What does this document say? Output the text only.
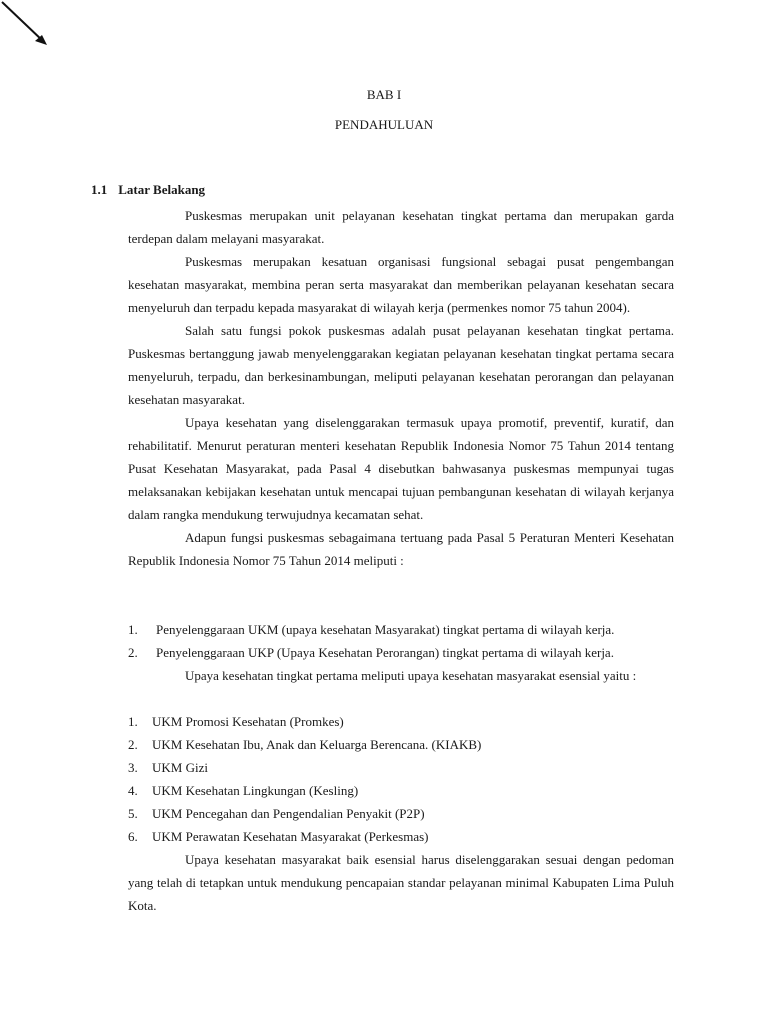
BAB I
PENDAHULUAN
1.1 Latar Belakang

Puskesmas merupakan unit pelayanan kesehatan tingkat pertama dan merupakan garda terdepan dalam melayani masyarakat.

Puskesmas merupakan kesatuan organisasi fungsional sebagai pusat pengembangan kesehatan masyarakat, membina peran serta masyarakat dan memberikan pelayanan kesehatan secara menyeluruh dan terpadu kepada masyarakat di wilayah kerja (permenkes nomor 75 tahun 2004).

Salah satu fungsi pokok puskesmas adalah pusat pelayanan kesehatan tingkat pertama. Puskesmas bertanggung jawab menyelenggarakan kegiatan pelayanan kesehatan tingkat pertama secara menyeluruh, terpadu, dan berkesinambungan, meliputi pelayanan kesehatan perorangan dan pelayanan kesehatan masyarakat.

Upaya kesehatan yang diselenggarakan termasuk upaya promotif, preventif, kuratif, dan rehabilitatif. Menurut peraturan menteri kesehatan Republik Indonesia Nomor 75 Tahun 2014 tentang Pusat Kesehatan Masyarakat, pada Pasal 4 disebutkan bahwasanya puskesmas mempunyai tugas melaksanakan kebijakan kesehatan untuk mencapai tujuan pembangunan kesehatan di wilayah kerjanya dalam rangka mendukung terwujudnya kecamatan sehat.

Adapun fungsi puskesmas sebagaimana tertuang pada Pasal 5 Peraturan Menteri Kesehatan Republik Indonesia Nomor 75 Tahun 2014 meliputi :

1. Penyelenggaraan UKM (upaya kesehatan Masyarakat) tingkat pertama di wilayah kerja.
2. Penyelenggaraan UKP (Upaya Kesehatan Perorangan) tingkat pertama di wilayah kerja.

Upaya kesehatan tingkat pertama meliputi upaya kesehatan masyarakat esensial yaitu :

1. UKM Promosi Kesehatan (Promkes)
2. UKM Kesehatan Ibu, Anak dan Keluarga Berencana. (KIAKB)
3. UKM Gizi
4. UKM Kesehatan Lingkungan (Kesling)
5. UKM Pencegahan dan Pengendalian Penyakit (P2P)
6. UKM Perawatan Kesehatan Masyarakat (Perkesmas)

Upaya kesehatan masyarakat baik esensial harus diselenggarakan sesuai dengan pedoman yang telah di tetapkan untuk mendukung pencapaian standar pelayanan minimal Kabupaten Lima Puluh Kota.
